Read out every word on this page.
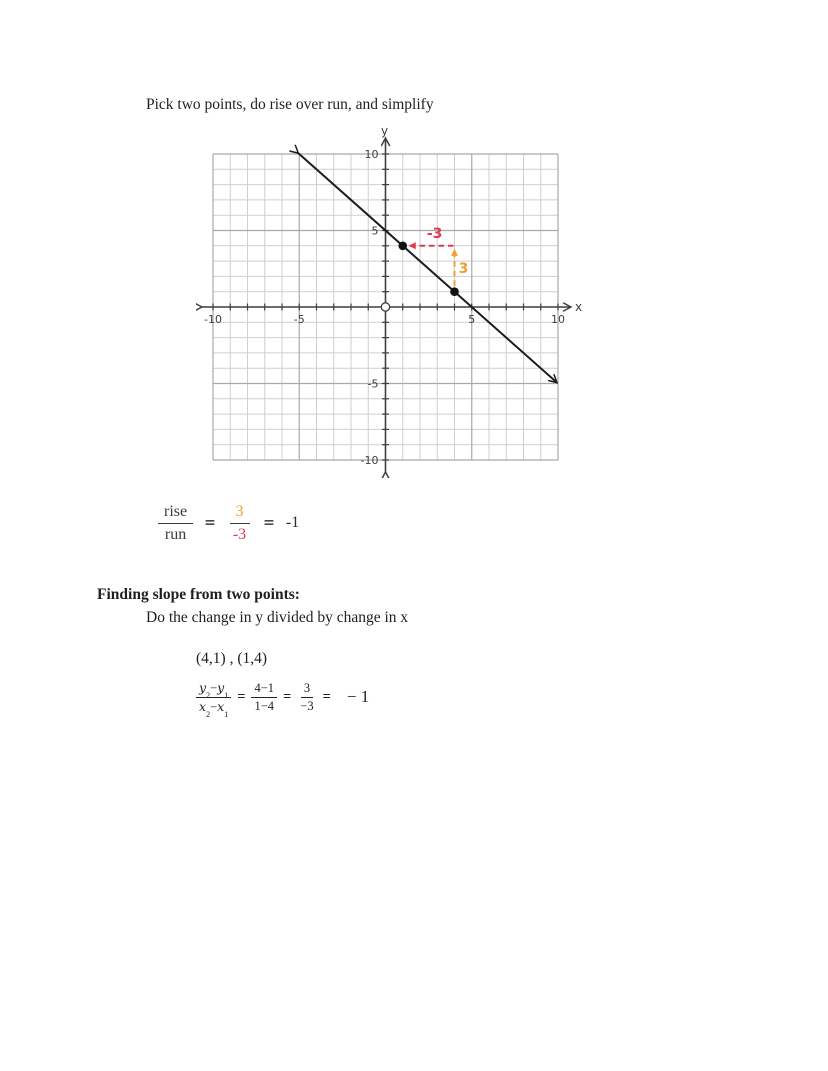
Pick two points, do rise over run, and simplify
-10	-5	5	10
10
5
-5
-10
x
y
-3
3
$\frac{\text{rise}}{\text{run}} = \frac{3}{-3} = -1$
Finding slope from two points:
Do the change in y divided by change in x
(4,1) , (1,4)
$\frac{y_2-y_1}{x_2-x_1} = \frac{4-1}{1-4} = \frac{3}{-3}$ = − 1
